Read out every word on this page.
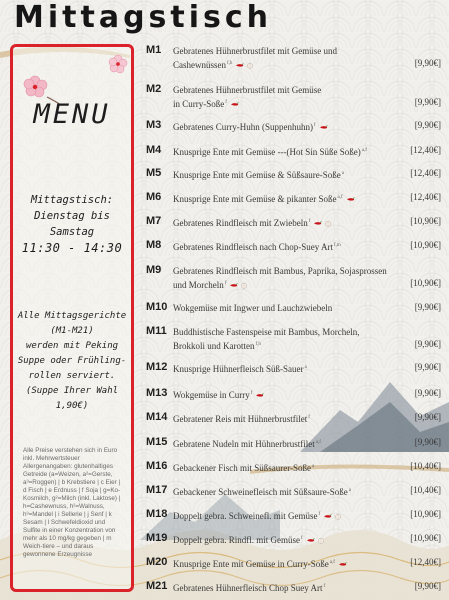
Mittagstisch
MENU
Mittagstisch:
Dienstag bis Samstag
11:30 - 14:30
Alle Mittagsgerichte
(M1-M21)
werden mit Peking
Suppe oder Frühling-
rollen serviert.
(Suppe Ihrer Wahl
1,90€)
Alle Preise verstehen sich in Euro inkl. Mehrwertsteuer Allergenangaben: glutenhaltiges Getreide (a=Weizen, a²=Gerste, a³=Roggen) | b Krebstiere | c Eier | d Fisch | e Erdnuss | f Soja | g=Ko-Kosmilch, g²=Milch (inkl. Laktose) | h=Cashewnuss, h²=Walnuss, h³=Mandel | i Sellerie | j Senf | k Sesam | l Schwefeldioxid und Sulfite in einer Konzentration von mehr als 10 mg/kg gegeben | m Weich-tiere – und daraus gewonnene Erzeugnisse
M1 Gebratenes Hühnerbrustfilet mit Gemüse und
Cashewnüssen$^{f,h}$	[9,90€]
M2 Gebratenes Hühnerbrustfilet mit Gemüse
in Curry-Soße$^f$	[9,90€]
M3 Gebratenes Curry-Huhn (Suppenhuhn)$^f$	[9,90€]
M4 Knusprige Ente mit Gemüse ---(Hot Sin Süße Soße)$^{a,f}$	[12,40€]
M5 Knusprige Ente mit Gemüse & Süßsaure-Soße$^a$	[12,40€]
M6 Knusprige Ente mit Gemüse & pikanter Soße$^{a,f}$	[12,40€]
M7 Gebratenes Rindfleisch mit Zwiebeln$^f$	[10,90€]
M8 Gebratenes Rindfleisch nach Chop-Suey Art$^{f,m}$	[10,90€]
M9 Gebratenes Rindfleisch mit Bambus, Paprika, Sojasprossen
und Morcheln$^f$	[10,90€]
M10 Wokgemüse mit Ingwer und Lauchzwiebeln	[9,90€]
M11 Buddhistische Fastenspeise mit Bambus, Morcheln,
Brokkoli und Karotten$^{f,h}$	[9,90€]
M12 Knusprige Hühnerfleisch Süß-Sauer$^a$	[9,90€]
M13 Wokgemüse in Curry$^f$	[9,90€]
M14 Gebratener Reis mit Hühnerbrustfilet$^f$	[9,90€]
M15 Gebratene Nudeln mit Hühnerbrustfilet$^{a,f}$	[9,90€]
M16 Gebackener Fisch mit Süßsaurer-Soße$^a$	[10,40€]
M17 Gebackener Schweinefleisch mit Süßsaure-Soße$^a$	[10,40€]
M18 Doppelt gebra. Schweinefl. mit Gemüse$^f$	[10,90€]
M19 Doppelt gebra. Rindfl. mit Gemüse$^f$	[10,90€]
M20 Knusprige Ente mit Gemüse in Curry-Soße$^{a,f}$	[12,40€]
M21 Gebratenes Hühnerfleisch Chop Suey Art$^f$	[9,90€]
